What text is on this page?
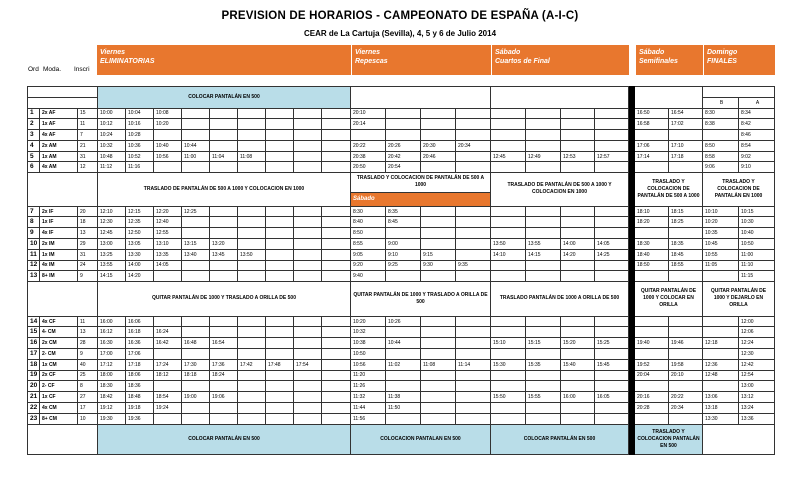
PREVISION DE HORARIOS - CAMPEONATO DE ESPAÑA (A-I-C)
CEAR de La Cartuja (Sevilla), 4, 5 y 6 de Julio 2014
Ord Moda. Inscri
Viernes
ELIMINATORIAS
Viernes
Repescas
Sábado
Cuartos de Final
Sábado
Semifinales
Domingo
FINALES
			COLOCAR PANTALÁN EN 500																					
																							B	A
1	2x AF	15	10:00	10:04	10:08							20:10									16:50	16:54	8:30	8:34
2	1x AF	11	10:12	10:16	10:20							20:14									16:58	17:02	8:38	8:42
3	4x AF	7	10:24	10:28																				8:46
4	2x AM	21	10:32	10:36	10:40	10:44						20:22	20:26	20:30	20:34						17:06	17:10	8:50	8:54
5	1x AM	31	10:48	10:52	10:56	11:00	11:04	11:08				20:38	20:42	20:46		12:45	12:49	12:53	12:57		17:14	17:18	8:58	9:02
6	4x AM	12	11:12	11:16								20:50	20:54										9:06	9:10
			TRASLADO DE PANTALÁN DE 500 A 1000 Y COLOCACION EN 1000									TRASLADO Y COLOCACION DE PANTALÁN DE 500 A 1000				TRASLADO DE PANTALÁN DE 500 A 1000 Y COLOCACION EN 1000					TRASLADO Y COLOCACION DE PANTALÁN DE 500 A 1000		TRASLADO Y COLOCACION DE PANTALÁN EN 1000	
												Sábado												
7	2x IF	20	12:10	12:15	12:20	12:25						8:30	8:35								18:10	18:15	10:10	10:15
8	1x IF	18	12:30	12:35	12:40							8:40	8:45								18:20	18:25	10:20	10:30
9	4x IF	13	12:45	12:50	12:55							8:50											10:35	10:40
10	2x IM	29	13:00	13:05	13:10	13:15	13:20					8:55	9:00			13:50	13:55	14:00	14:05		18:30	18:35	10:45	10:50
11	1x IM	31	13:25	13:30	13:35	13:40	13:45	13:50				9:05	9:10	9:15		14:10	14:15	14:20	14:25		18:40	18:45	10:55	11:00
12	4x IM	24	13:55	14:00	14:05							9:20	9:25	9:30	9:35						18:50	18:55	11:05	11:10
13	8+ IM	9	14:15	14:20								9:40												11:15
			QUITAR PANTALÁN DE 1000 Y TRASLADO A ORILLA DE 500									QUITAR PANTALÁN DE 1000 Y TRASLADO A ORILLA DE 500				TRASLADO PANTALÁN DE 1000 A ORILLA DE 500					QUITAR PANTALÁN DE 1000 Y COLOCAR EN ORILLA		QUITAR PANTALÁN DE 1000 Y DEJARLO EN ORILLA	
14	4x CF	11	16:00	16:06								10:20	10:26											12:00
15	4- CM	13	16:12	16:18	16:24							10:32												12:06
16	2x CM	28	16:30	16:36	16:42	16:48	16:54					10:38	10:44			15:10	15:15	15:20	15:25		19:40	19:46	12:18	12:24
17	2- CM	9	17:00	17:06								10:50												12:30
18	1x CM	40	17:12	17:18	17:24	17:30	17:36	17:42	17:48	17:54		10:56	11:02	11:08	11:14	15:30	15:35	15:40	15:45		19:52	19:58	12:36	12:42
19	2x CF	25	18:00	18:06	18:12	18:18	18:24					11:20									20:04	20:10	12:48	12:54
20	2- CF	8	18:30	18:36								11:26												13:00
21	1x CF	27	18:42	18:48	18:54	19:00	19:06					11:32	11:38			15:50	15:55	16:00	16:05		20:16	20:22	13:06	13:12
22	4x CM	17	19:12	19:18	19:24							11:44	11:50								20:28	20:34	13:18	13:24
23	8+ CM	10	19:30	19:36								11:56											13:30	13:36
			COLOCAR PANTALÁN EN 500									COLOCACION PANTALAN EN 500				COLOCAR PANTALÁN EN 500					TRASLADO Y COLOCACION PANTALÁN EN 500			
